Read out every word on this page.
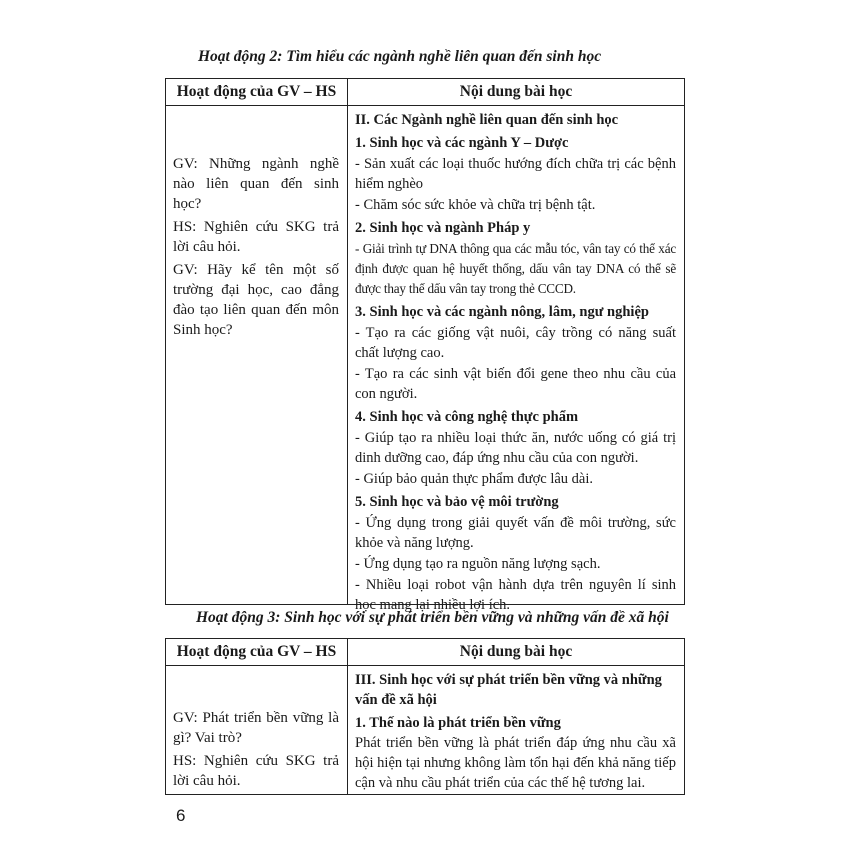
Hoạt động 2: Tìm hiểu các ngành nghề liên quan đến sinh học
Hoạt động của GV – HS	Nội dung bài học
GV: Những ngành nghề nào liên quan đến sinh học?
HS: Nghiên cứu SKG trả lời câu hỏi.
GV: Hãy kể tên một số trường đại học, cao đẳng đào tạo liên quan đến môn Sinh học?
II. Các Ngành nghề liên quan đến sinh học
1. Sinh học và các ngành Y – Dược
- Sản xuất các loại thuốc hướng đích chữa trị các bệnh hiểm nghèo
- Chăm sóc sức khỏe và chữa trị bệnh tật.
2. Sinh học và ngành Pháp y
- Giải trình tự DNA thông qua các mẫu tóc, vân tay có thể xác định được quan hệ huyết thống, dấu vân tay DNA có thể sẽ được thay thế dấu vân tay trong thẻ CCCD.
3. Sinh học và các ngành nông, lâm, ngư nghiệp
- Tạo ra các giống vật nuôi, cây trồng có năng suất chất lượng cao.
- Tạo ra các sinh vật biến đổi gene theo nhu cầu của con người.
4. Sinh học và công nghệ thực phẩm
- Giúp tạo ra nhiều loại thức ăn, nước uống có giá trị dinh dưỡng cao, đáp ứng nhu cầu của con người.
- Giúp bảo quản thực phẩm được lâu dài.
5. Sinh học và bảo vệ môi trường
- Ứng dụng trong giải quyết vấn đề môi trường, sức khỏe và năng lượng.
- Ứng dụng tạo ra nguồn năng lượng sạch.
- Nhiều loại robot vận hành dựa trên nguyên lí sinh học mang lại nhiều lợi ích.
Hoạt động 3: Sinh học với sự phát triển bền vững và những vấn đề xã hội
Hoạt động của GV – HS	Nội dung bài học
GV: Phát triển bền vững là gì? Vai trò?
HS: Nghiên cứu SKG trả lời câu hỏi.
III. Sinh học với sự phát triển bền vững và những vấn đề xã hội
1. Thế nào là phát triển bền vững
Phát triển bền vững là phát triển đáp ứng nhu cầu xã hội hiện tại nhưng không làm tổn hại đến khả năng tiếp cận và nhu cầu phát triển của các thế hệ tương lai.
6
